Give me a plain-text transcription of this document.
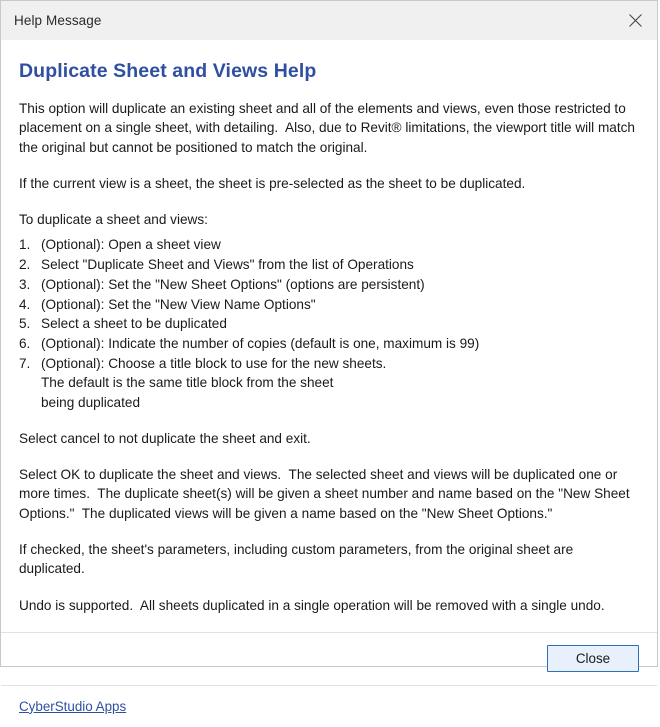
Help Message
Duplicate Sheet and Views Help

This option will duplicate an existing sheet and all of the elements and views, even those restricted to placement on a single sheet, with detailing.  Also, due to Revit® limitations, the viewport title will match the original but cannot be positioned to match the original.

If the current view is a sheet, the sheet is pre-selected as the sheet to be duplicated.

To duplicate a sheet and views:

1. (Optional): Open a sheet view
2. Select "Duplicate Sheet and Views" from the list of Operations
3. (Optional): Set the "New Sheet Options" (options are persistent)
4. (Optional): Set the "New View Name Options"
5. Select a sheet to be duplicated
6. (Optional): Indicate the number of copies (default is one, maximum is 99)
7. (Optional): Choose a title block to use for the new sheets.
The default is the same title block from the sheet
being duplicated

Select cancel to not duplicate the sheet and exit.

Select OK to duplicate the sheet and views.  The selected sheet and views will be duplicated one or more times.  The duplicate sheet(s) will be given a sheet number and name based on the "New Sheet Options."  The duplicated views will be given a name based on the "New Sheet Options."

If checked, the sheet's parameters, including custom parameters, from the original sheet are duplicated.

Undo is supported.  All sheets duplicated in a single operation will be removed with a single undo.

Close
CyberStudio Apps
